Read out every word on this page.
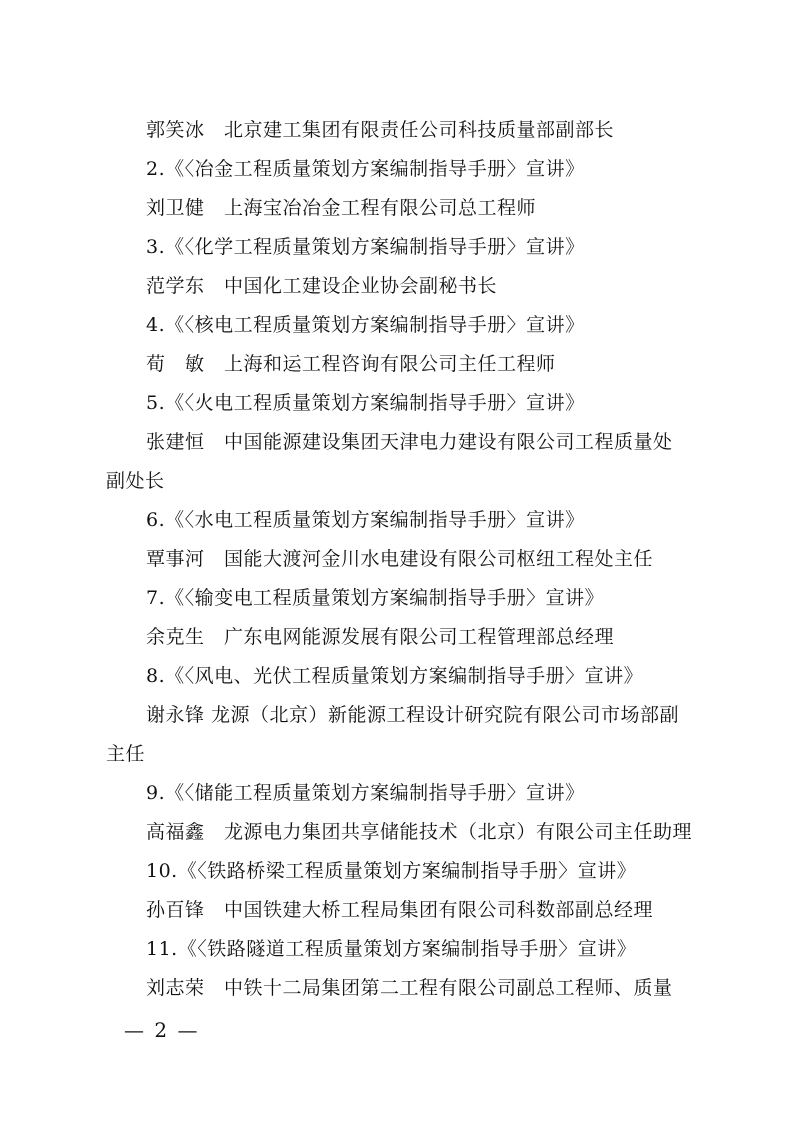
郭笑冰　北京建工集团有限责任公司科技质量部副部长
2.《〈冶金工程质量策划方案编制指导手册〉宣讲》
刘卫健　上海宝冶冶金工程有限公司总工程师
3.《〈化学工程质量策划方案编制指导手册〉宣讲》
范学东　中国化工建设企业协会副秘书长
4.《〈核电工程质量策划方案编制指导手册〉宣讲》
荀　敏　上海和运工程咨询有限公司主任工程师
5.《〈火电工程质量策划方案编制指导手册〉宣讲》
张建恒　中国能源建设集团天津电力建设有限公司工程质量处
副处长
6.《〈水电工程质量策划方案编制指导手册〉宣讲》
覃事河　国能大渡河金川水电建设有限公司枢纽工程处主任
7.《〈输变电工程质量策划方案编制指导手册〉宣讲》
余克生　广东电网能源发展有限公司工程管理部总经理
8.《〈风电、光伏工程质量策划方案编制指导手册〉宣讲》
谢永锋 龙源（北京）新能源工程设计研究院有限公司市场部副
主任
9.《〈储能工程质量策划方案编制指导手册〉宣讲》
高福鑫　龙源电力集团共享储能技术（北京）有限公司主任助理
10.《〈铁路桥梁工程质量策划方案编制指导手册〉宣讲》
孙百锋　中国铁建大桥工程局集团有限公司科数部副总经理
11.《〈铁路隧道工程质量策划方案编制指导手册〉宣讲》
刘志荣　中铁十二局集团第二工程有限公司副总工程师、质量
— 2 —
